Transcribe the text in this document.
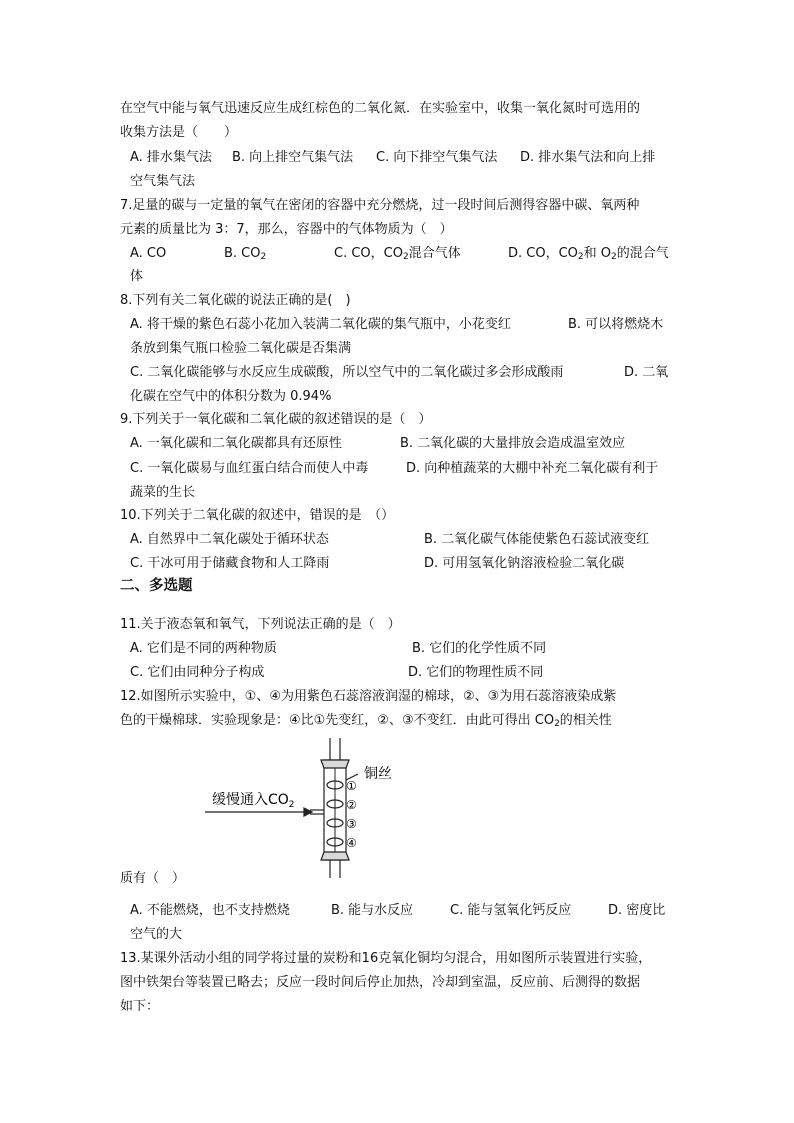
在空气中能与氧气迅速反应生成红棕色的二氧化氮．在实验室中，收集一氧化氮时可选用的
收集方法是（　　）
A. 排水集气法 B. 向上排空气集气法 C. 向下排空气集气法 D. 排水集气法和向上排
空气集气法
7.足量的碳与一定量的氧气在密闭的容器中充分燃烧，过一段时间后测得容器中碳、氧两种
元素的质量比为 3：7，那么，容器中的气体物质为（　）
A. CO	B. $CO_2$	C. CO，$CO_2$混合气体	D. CO，$CO_2$和 $O_2$的混合气
体
8.下列有关二氧化碳的说法正确的是(　)
A. 将干燥的紫色石蕊小花加入装满二氧化碳的集气瓶中，小花变红	B. 可以将燃烧木
条放到集气瓶口检验二氧化碳是否集满
C. 二氧化碳能够与水反应生成碳酸，所以空气中的二氧化碳过多会形成酸雨	D. 二氧
化碳在空气中的体积分数为 0.94%
9.下列关于一氧化碳和二氧化碳的叙述错误的是（　）
A. 一氧化碳和二氧化碳都具有还原性	B. 二氧化碳的大量排放会造成温室效应
C. 一氧化碳易与血红蛋白结合而使人中毒	D. 向种植蔬菜的大棚中补充二氧化碳有利于
蔬菜的生长
10.下列关于二氧化碳的叙述中，错误的是　（）
A. 自然界中二氧化碳处于循环状态	B. 二氧化碳气体能使紫色石蕊试液变红
C. 干冰可用于储藏食物和人工降雨	D. 可用氢氧化钠溶液检验二氧化碳
二、多选题
11.关于液态氧和氧气，下列说法正确的是（　）
A. 它们是不同的两种物质	B. 它们的化学性质不同
C. 它们由同种分子构成	D. 它们的物理性质不同
12.如图所示实验中，①、④为用紫色石蕊溶液润湿的棉球，②、③为用石蕊溶液染成紫
色的干燥棉球．实验现象是：④比①先变红，②、③不变红．由此可得出 $CO_2$的相关性
缓慢通入$CO_2$
铜丝
①
②
③
④
质有（　）
A. 不能燃烧，也不支持燃烧	B. 能与水反应	C. 能与氢氧化钙反应	D. 密度比
空气的大
13.某课外活动小组的同学将过量的炭粉和16克氧化铜均匀混合，用如图所示装置进行实验，
图中铁架台等装置已略去；反应一段时间后停止加热，冷却到室温，反应前、后测得的数据
如下：
